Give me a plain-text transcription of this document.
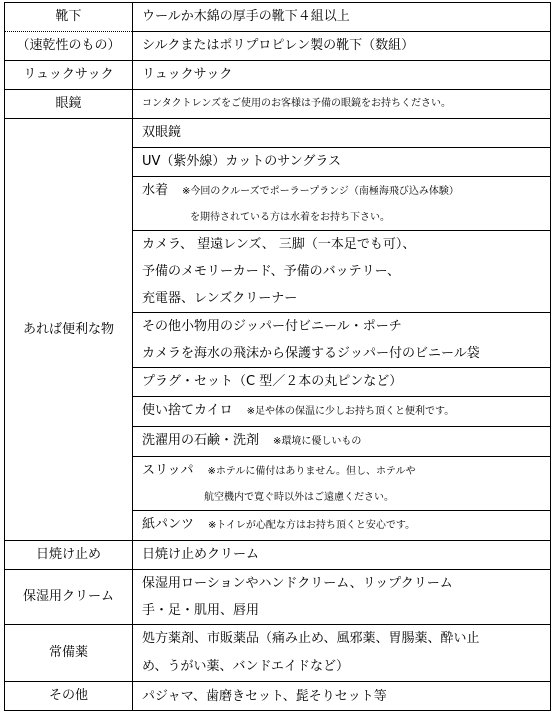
靴下	ウールか木綿の厚手の靴下４組以上

（速乾性のもの）	シルクまたはポリプロピレン製の靴下（数組）

リュックサック	リュックサック

眼鏡	コンタクトレンズをご使用のお客様は予備の眼鏡をお持ちください。

あれば便利な物	双眼鏡

	UV（紫外線）カットのサングラス

	水着 ※今回のクルーズでポーラープランジ（南極海飛び込み体験）
を期待されている方は水着をお持ち下さい。

	カメラ、 望遠レンズ、 三脚（一本足でも可）、
予備のメモリーカード、予備のバッテリー、
充電器、レンズクリーナー

	その他小物用のジッパー付ビニール・ポーチ
カメラを海水の飛沫から保護するジッパー付のビニール袋

	プラグ・セット（C 型／２本の丸ピンなど）

	使い捨てカイロ ※足や体の保温に少しお持ち頂くと便利です。

	洗濯用の石鹸・洗剤 ※環境に優しいもの

	スリッパ ※ホテルに備付はありません。但し、ホテルや
航空機内で寛ぐ時以外はご遠慮ください。

	紙パンツ ※トイレが心配な方はお持ち頂くと安心です。

日焼け止め	日焼け止めクリーム

保湿用クリーム	保湿用ローションやハンドクリーム、リップクリーム
手・足・肌用、唇用

常備薬	処方薬剤、市販薬品（痛み止め、風邪薬、胃腸薬、酔い止
め、うがい薬、バンドエイドなど）

その他	パジャマ、歯磨きセット、髭そりセット等
